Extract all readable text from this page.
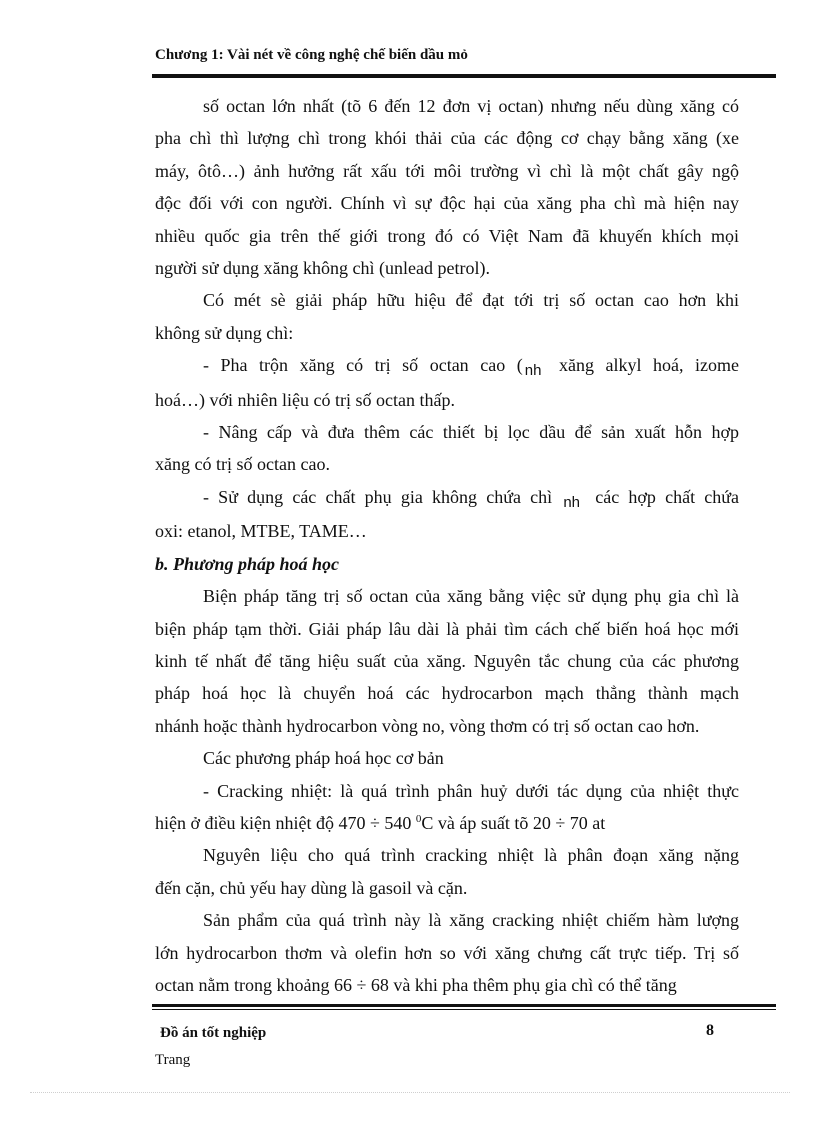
Chương 1: Vài nét về công nghệ chế biến dầu mỏ

số octan lớn nhất (tõ 6 đến 12 đơn vị octan) nhưng nếu dùng xăng có
pha chì thì lượng chì trong khói thải của các động cơ chạy bằng xăng (xe
máy, ôtô…) ảnh hưởng rất xấu tới môi trường vì chì là một chất gây ngộ
độc đối với con người. Chính vì sự độc hại của xăng pha chì mà hiện nay
nhiều quốc gia trên thế giới trong đó có Việt Nam đã khuyến khích mọi
người sử dụng xăng không chì (unlead petrol).

Có mét sè giải pháp hữu hiệu để đạt tới trị số octan cao hơn khi
không sử dụng chì:

- Pha trộn xăng có trị số octan cao ( $_{nh}$ xăng alkyl hoá, izome
hoá…) với nhiên liệu có trị số octan thấp.

- Nâng cấp và đưa thêm các thiết bị lọc dầu để sản xuất hỗn hợp
xăng có trị số octan cao.

- Sử dụng các chất phụ gia không chứa chì $_{nh}$ các hợp chất chứa
oxi: etanol, MTBE, TAME…

b. Phương pháp hoá học

Biện pháp tăng trị số octan của xăng bằng việc sử dụng phụ gia chì là
biện pháp tạm thời. Giải pháp lâu dài là phải tìm cách chế biến hoá học mới
kinh tế nhất để tăng hiệu suất của xăng. Nguyên tắc chung của các phương
pháp hoá học là chuyển hoá các hydrocarbon mạch thẳng thành mạch
nhánh hoặc thành hydrocarbon vòng no, vòng thơm có trị số octan cao hơn.

Các phương pháp hoá học cơ bản

- Cracking nhiệt: là quá trình phân huỷ dưới tác dụng của nhiệt thực
hiện ở điều kiện nhiệt độ 470 ÷ 540 $^0$C và áp suất tõ 20 ÷ 70 at

Nguyên liệu cho quá trình cracking nhiệt là phân đoạn xăng nặng
đến cặn, chủ yếu hay dùng là gasoil và cặn.

Sản phẩm của quá trình này là xăng cracking nhiệt chiếm hàm lượng
lớn hydrocarbon thơm và olefin hơn so với xăng chưng cất trực tiếp. Trị số
octan nằm trong khoảng 66 ÷ 68 và khi pha thêm phụ gia chì có thể tăng

Đồ án tốt nghiệp	8
Trang
